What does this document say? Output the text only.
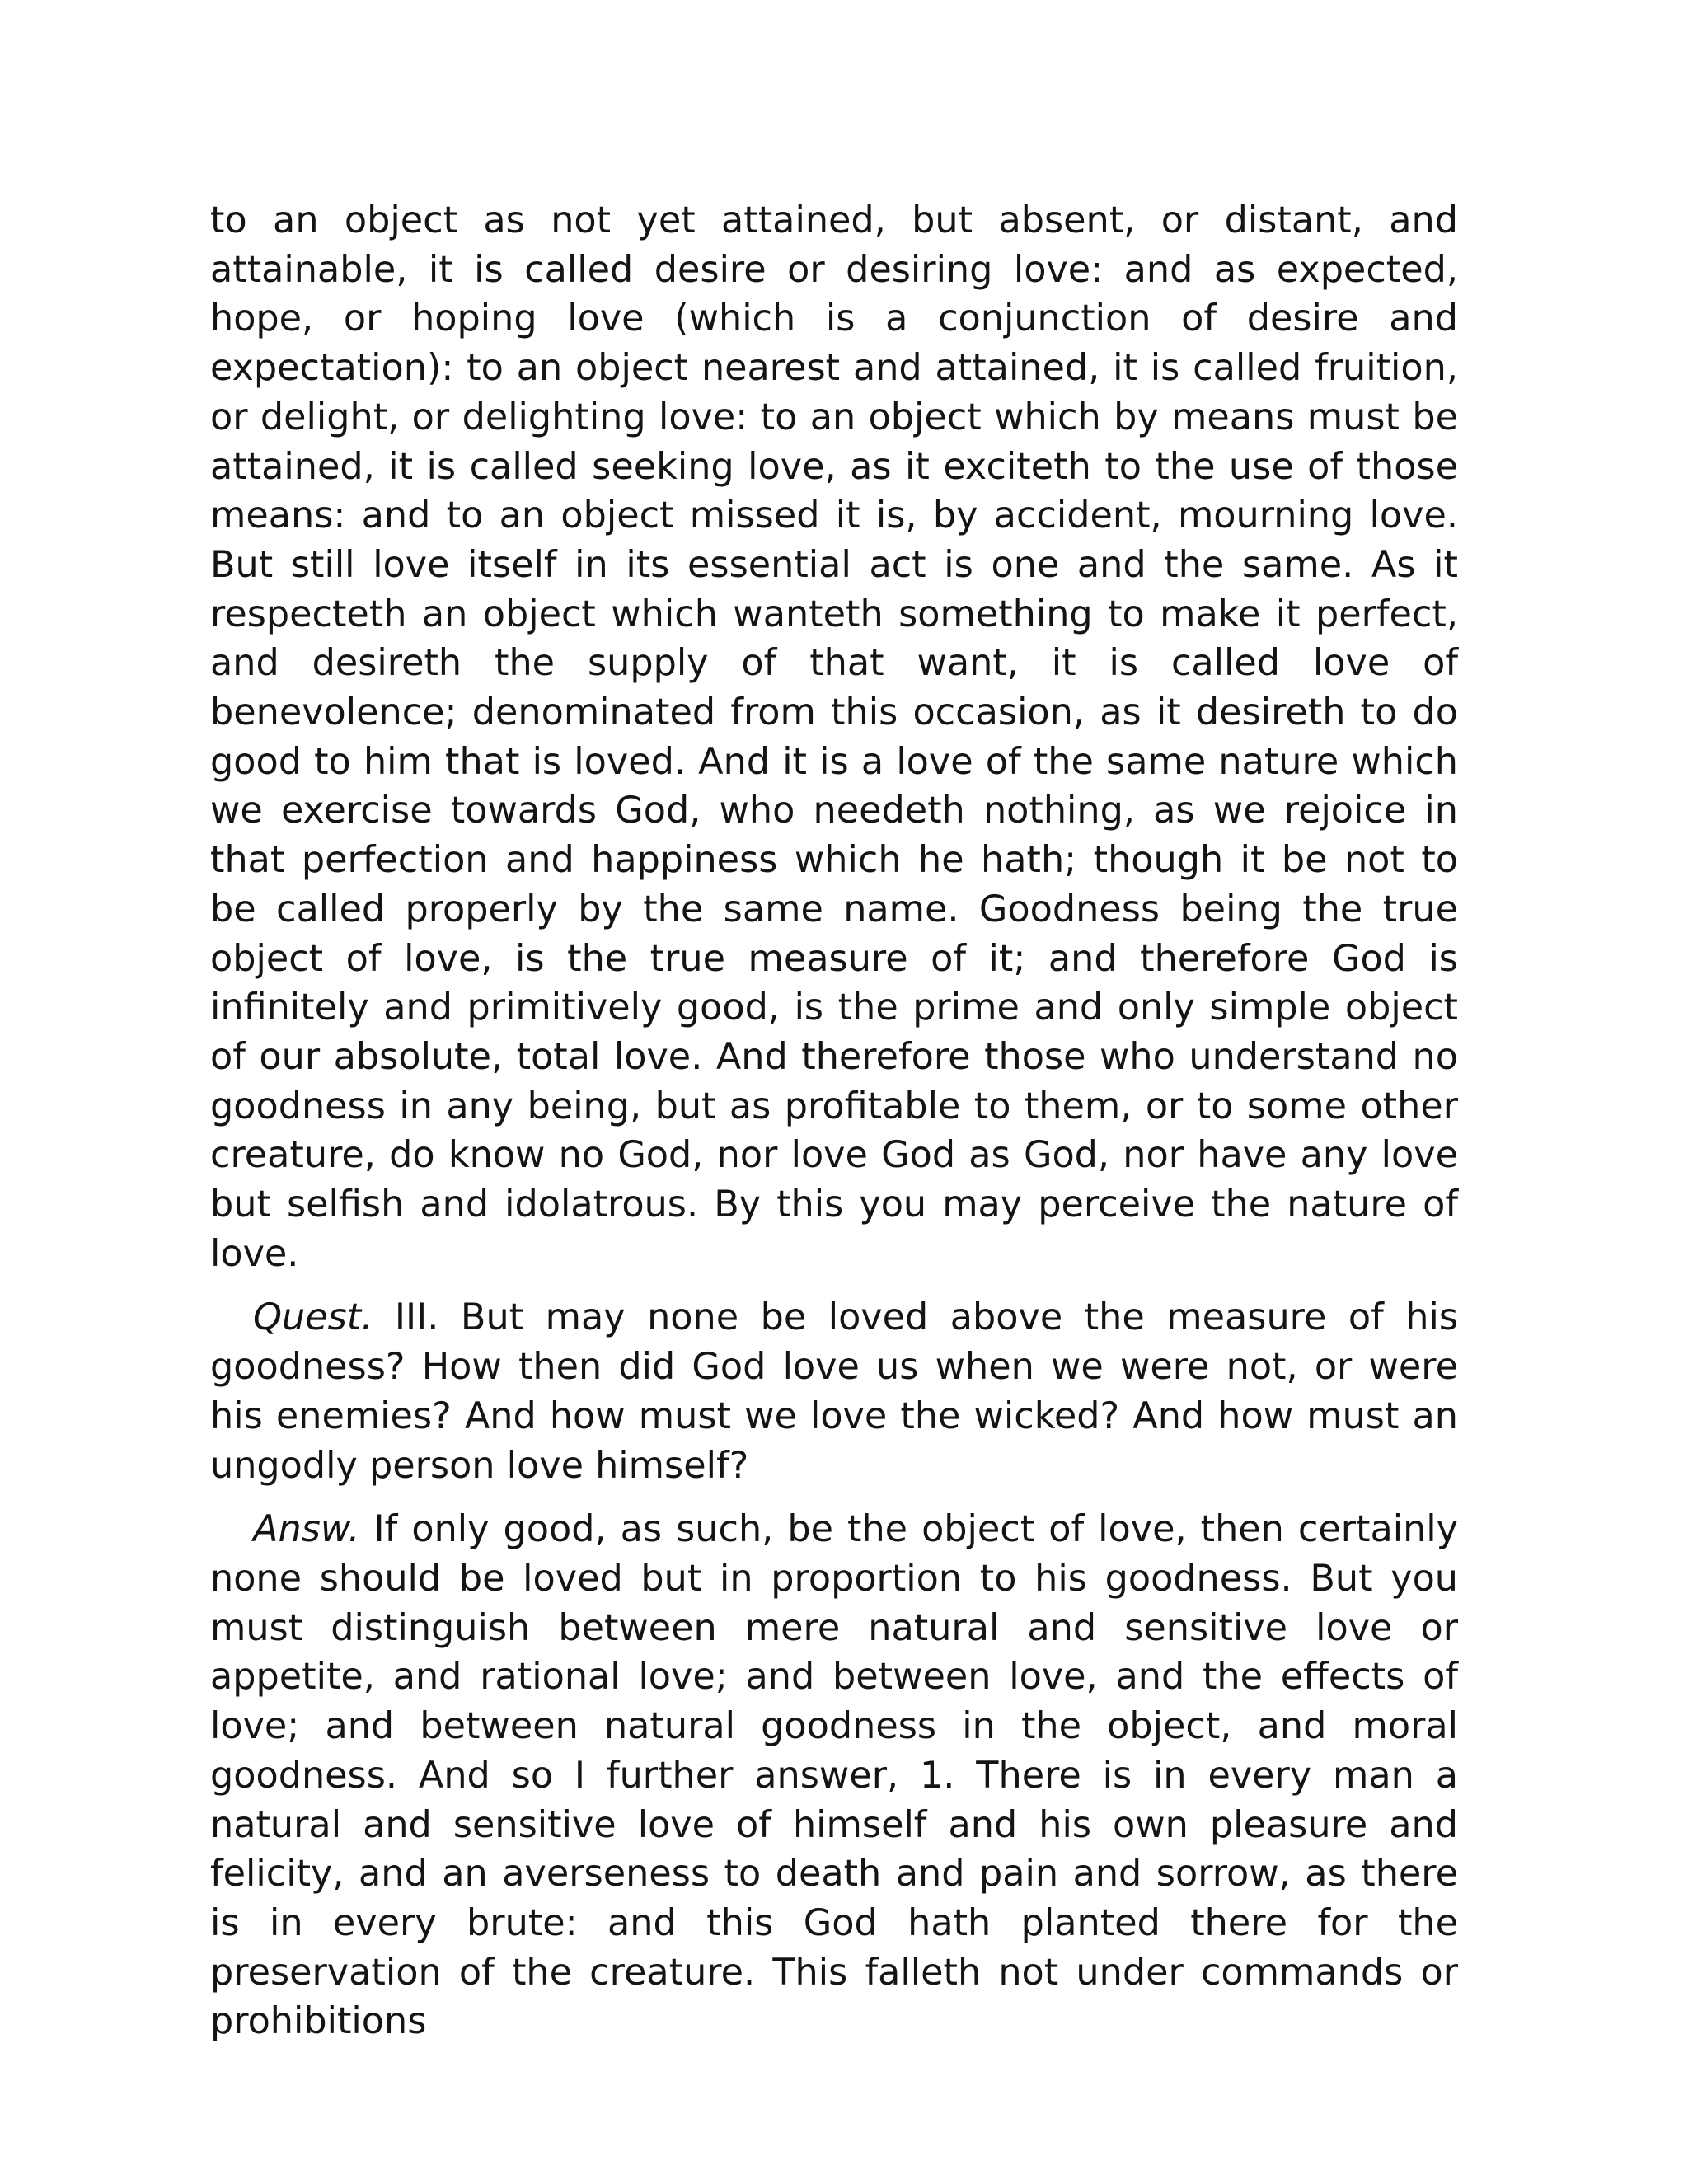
to an object as not yet attained, but absent, or distant, and attainable, it is called desire or desiring love: and as expected, hope, or hoping love (which is a conjunction of desire and expectation): to an object nearest and attained, it is called fruition, or delight, or delighting love: to an object which by means must be attained, it is called seeking love, as it exciteth to the use of those means: and to an object missed it is, by accident, mourning love. But still love itself in its essential act is one and the same. As it respecteth an object which wanteth something to make it perfect, and desireth the supply of that want, it is called love of benevolence; denominated from this occasion, as it desireth to do good to him that is loved. And it is a love of the same nature which we exercise towards God, who needeth nothing, as we rejoice in that perfection and happiness which he hath; though it be not to be called properly by the same name. Goodness being the true object of love, is the true measure of it; and therefore God is infinitely and primitively good, is the prime and only simple object of our absolute, total love. And therefore those who understand no goodness in any being, but as profitable to them, or to some other creature, do know no God, nor love God as God, nor have any love but selfish and idolatrous. By this you may perceive the nature of love.

Quest. III. But may none be loved above the measure of his goodness? How then did God love us when we were not, or were his enemies? And how must we love the wicked? And how must an ungodly person love himself?

Answ. If only good, as such, be the object of love, then certainly none should be loved but in proportion to his goodness. But you must distinguish between mere natural and sensitive love or appetite, and rational love; and between love, and the effects of love; and between natural goodness in the object, and moral goodness. And so I further answer, 1. There is in every man a natural and sensitive love of himself and his own pleasure and felicity, and an averseness to death and pain and sorrow, as there is in every brute: and this God hath planted there for the preservation of the creature. This falleth not under commands or prohibitions
